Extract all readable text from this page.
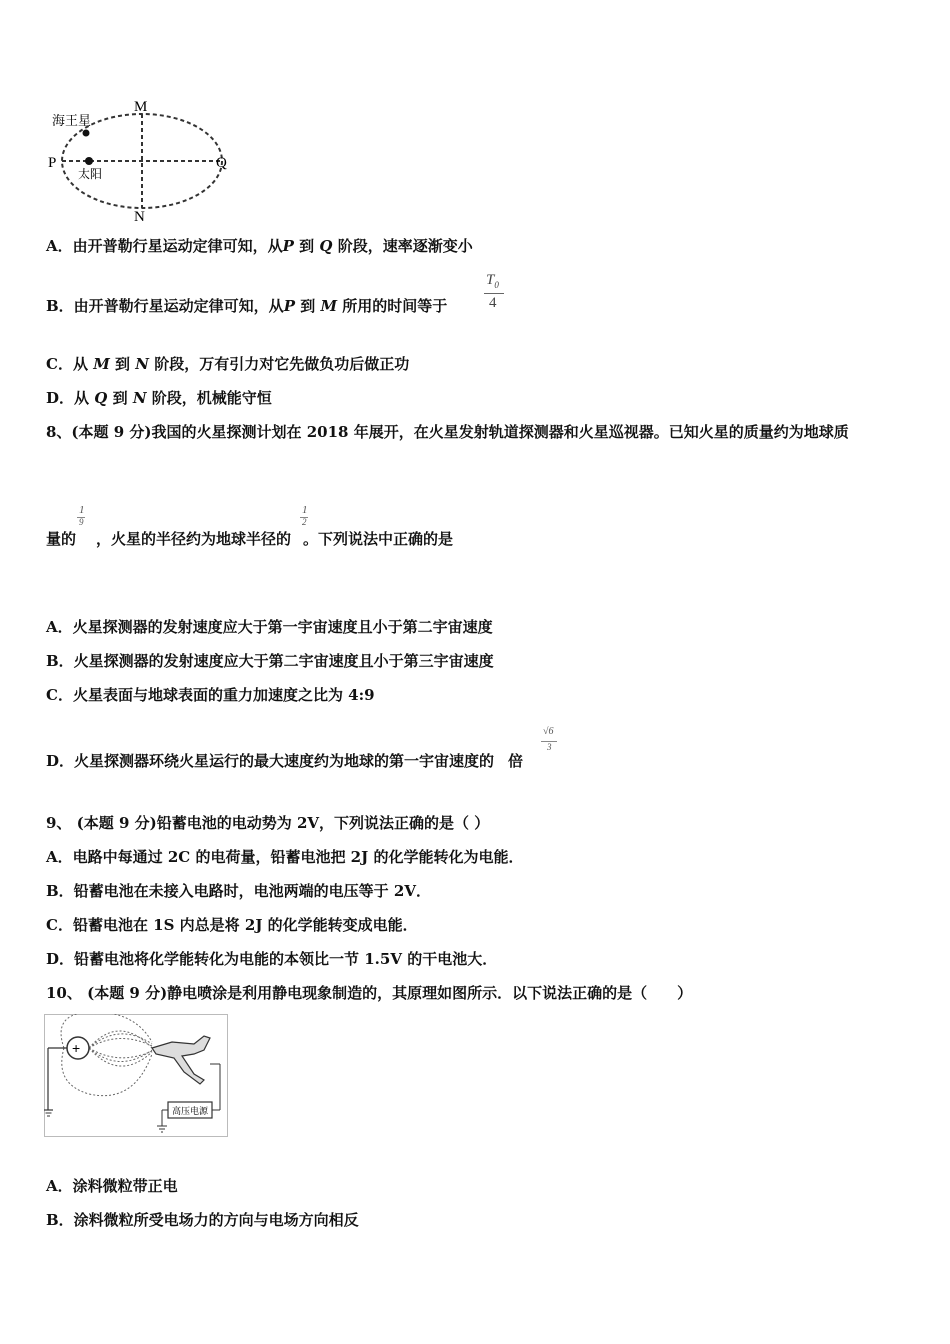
海王星
M
N
P	Q
太阳
A．由开普勒行星运动定律可知，从P 到 Q 阶段，速率逐渐变小
B．由开普勒行星运动定律可知，从P 到 M 所用的时间等于
$T_0$
4
C．从 M 到 N 阶段，万有引力对它先做负功后做正功
D．从 Q 到 N 阶段，机械能守恒
8、(本题 9 分)我国的火星探测计划在 2018 年展开，在火星发射轨道探测器和火星巡视器。已知火星的质量约为地球质
量的 ，火星的半径约为地球半径的 。下列说法中正确的是
1
9
1
2
A．火星探测器的发射速度应大于第一宇宙速度且小于第二宇宙速度
B．火星探测器的发射速度应大于第二宇宙速度且小于第三宇宙速度
C．火星表面与地球表面的重力加速度之比为 4:9
D．火星探测器环绕火星运行的最大速度约为地球的第一宇宙速度的 倍
√6
3
9、 (本题 9 分)铅蓄电池的电动势为 2V，下列说法正确的是（ ）
A．电路中每通过 2C 的电荷量，铅蓄电池把 2J 的化学能转化为电能．
B．铅蓄电池在未接入电路时，电池两端的电压等于 2V．
C．铅蓄电池在 1S 内总是将 2J 的化学能转变成电能．
D．铅蓄电池将化学能转化为电能的本领比一节 1.5V 的干电池大．
10、 (本题 9 分)静电喷涂是利用静电现象制造的，其原理如图所示．以下说法正确的是（　　）
+
高压电源
A．涂料微粒带正电
B．涂料微粒所受电场力的方向与电场方向相反
